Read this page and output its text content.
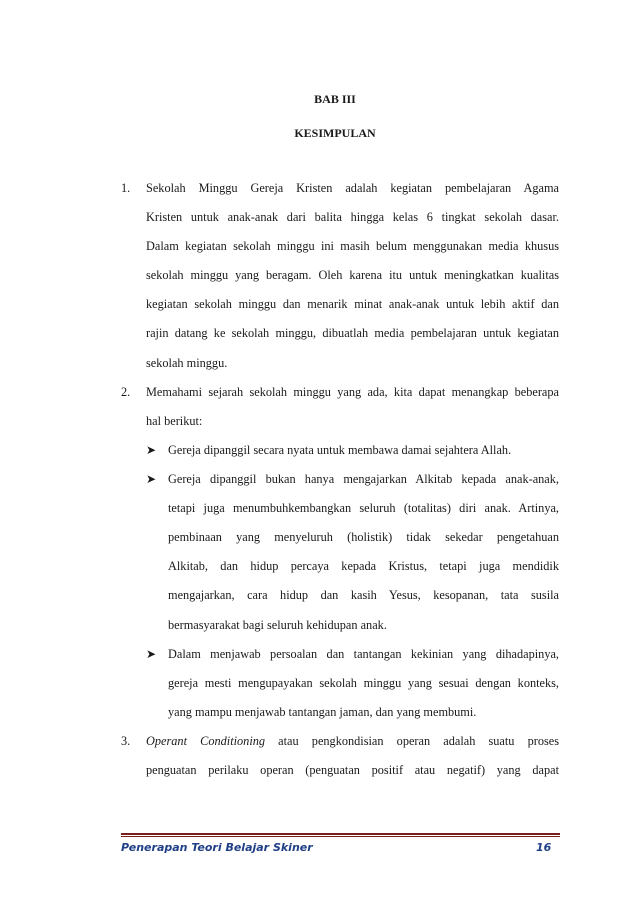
BAB III
KESIMPULAN
1. Sekolah Minggu Gereja Kristen adalah kegiatan pembelajaran Agama
Kristen untuk anak-anak dari balita hingga kelas 6 tingkat sekolah dasar.
Dalam kegiatan sekolah minggu ini masih belum menggunakan media khusus
sekolah minggu yang beragam. Oleh karena itu untuk meningkatkan kualitas
kegiatan sekolah minggu dan menarik minat anak-anak untuk lebih aktif dan
rajin datang ke sekolah minggu, dibuatlah media pembelajaran untuk kegiatan
sekolah minggu.
2. Memahami sejarah sekolah minggu yang ada, kita dapat menangkap beberapa
hal berikut:
➤ Gereja dipanggil secara nyata untuk membawa damai sejahtera Allah.
➤ Gereja dipanggil bukan hanya mengajarkan Alkitab kepada anak-anak,
tetapi juga menumbuhkembangkan seluruh (totalitas) diri anak. Artinya,
pembinaan yang menyeluruh (holistik) tidak sekedar pengetahuan
Alkitab, dan hidup percaya kepada Kristus, tetapi juga mendidik
mengajarkan, cara hidup dan kasih Yesus, kesopanan, tata susila
bermasyarakat bagi seluruh kehidupan anak.
➤ Dalam menjawab persoalan dan tantangan kekinian yang dihadapinya,
gereja mesti mengupayakan sekolah minggu yang sesuai dengan konteks,
yang mampu menjawab tantangan jaman, dan yang membumi.
3. Operant Conditioning atau pengkondisian operan adalah suatu proses
penguatan perilaku operan (penguatan positif atau negatif) yang dapat
Penerapan Teori Belajar Skiner	16
